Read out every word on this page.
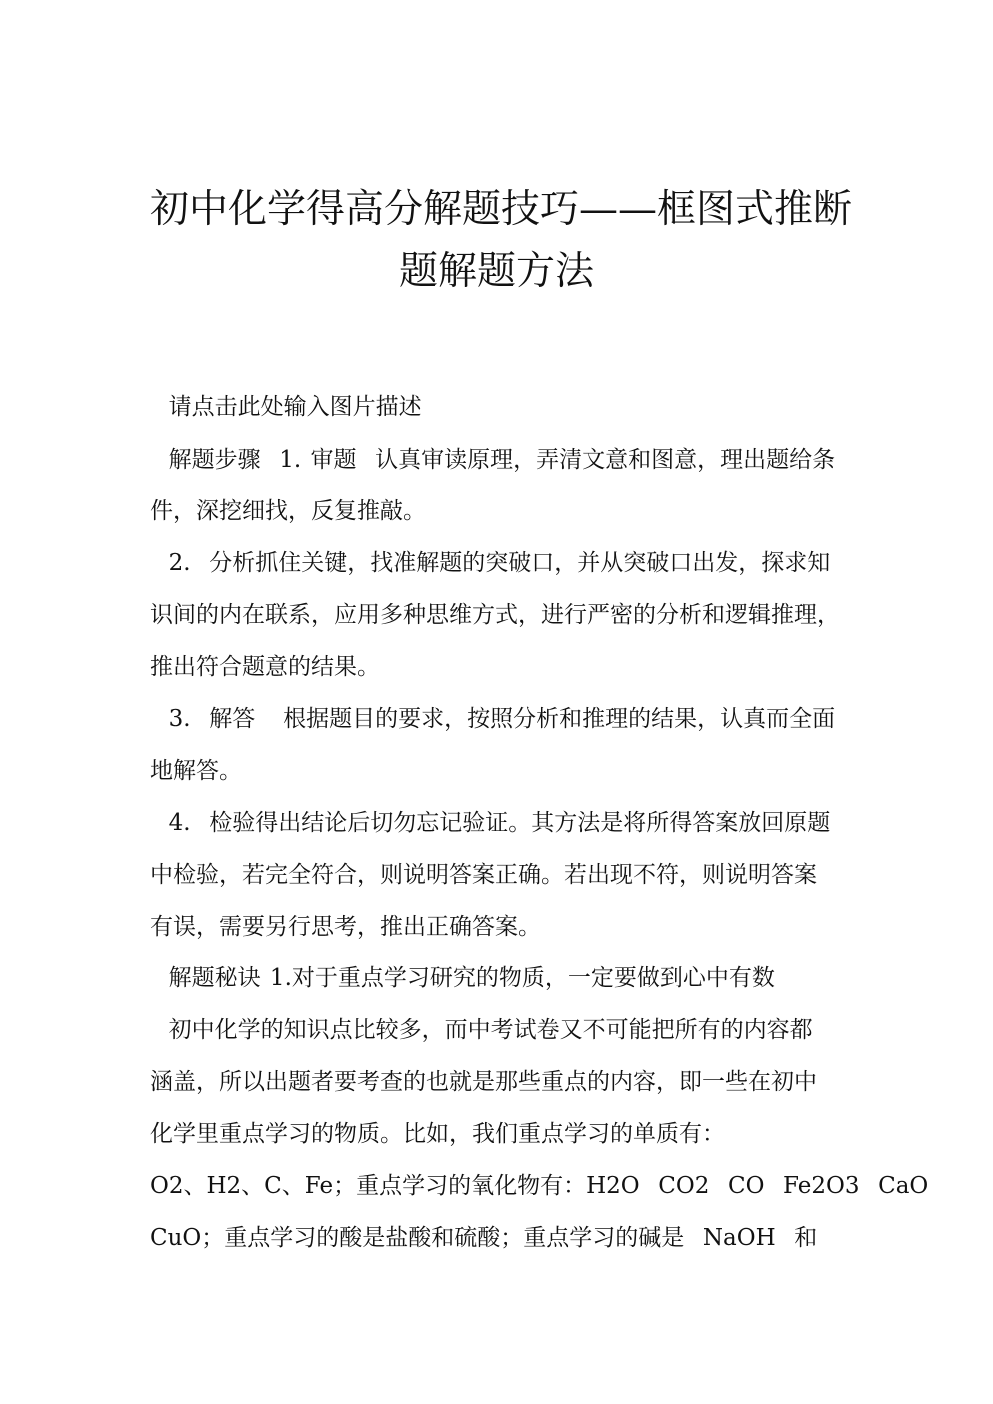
初中化学得高分解题技巧——框图式推断
题解题方法
请点击此处输入图片描述
解题步骤  1. 审题  认真审读原理，弄清文意和图意，理出题给条
件，深挖细找，反复推敲。
2.  分析抓住关键，找准解题的突破口，并从突破口出发，探求知
识间的内在联系，应用多种思维方式，进行严密的分析和逻辑推理，
推出符合题意的结果。
3.  解答   根据题目的要求，按照分析和推理的结果，认真而全面
地解答。
4.  检验得出结论后切勿忘记验证。其方法是将所得答案放回原题
中检验，若完全符合，则说明答案正确。若出现不符，则说明答案
有误，需要另行思考，推出正确答案。
解题秘诀 1.对于重点学习研究的物质，一定要做到心中有数
初中化学的知识点比较多，而中考试卷又不可能把所有的内容都
涵盖，所以出题者要考查的也就是那些重点的内容，即一些在初中
化学里重点学习的物质。比如，我们重点学习的单质有：
O2、H2、C、Fe；重点学习的氧化物有：H2O  CO2  CO  Fe2O3  CaO
CuO；重点学习的酸是盐酸和硫酸；重点学习的碱是  NaOH  和
